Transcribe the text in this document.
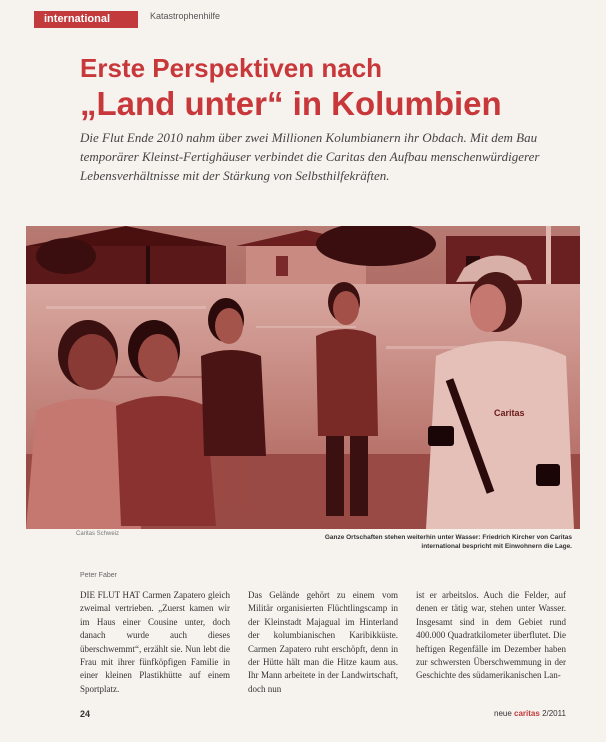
international	Katastrophenhilfe
Erste Perspektiven nach
„Land unter“ in Kolumbien
Die Flut Ende 2010 nahm über zwei Millionen Kolumbianern ihr Obdach. Mit dem Bau temporärer Kleinst-Fertighäuser verbindet die Caritas den Aufbau menschenwürdigerer Lebensverhältnisse mit der Stärkung von Selbsthilfekräften.
Caritas
Caritas Schweiz	Ganze Ortschaften stehen weiterhin unter Wasser: Friedrich Kircher von Caritas international bespricht mit Einwohnern die Lage.
Peter Faber
DIE FLUT HAT Carmen Zapatero gleich zweimal vertrieben. „Zuerst kamen wir im Haus einer Cousine unter, doch danach wurde auch dieses überschwemmt“, erzählt sie. Nun lebt die Frau mit ihrer fünfköpfigen Familie in einer kleinen Plastikhütte auf einem Sportplatz.
Das Gelände gehört zu einem vom Militär organisierten Flüchtlingscamp in der Kleinstadt Majagual im Hinterland der kolumbianischen Karibikküste. Carmen Zapatero ruht erschöpft, denn in der Hütte hält man die Hitze kaum aus. Ihr Mann arbeitete in der Landwirtschaft, doch nun
ist er arbeitslos. Auch die Felder, auf denen er tätig war, stehen unter Wasser. Insgesamt sind in dem Gebiet rund 400.000 Quadratkilometer überflutet. Die heftigen Regenfälle im Dezember haben zur schwersten Überschwemmung in der Geschichte des südamerikanischen Lan-
24	neue caritas 2/2011
